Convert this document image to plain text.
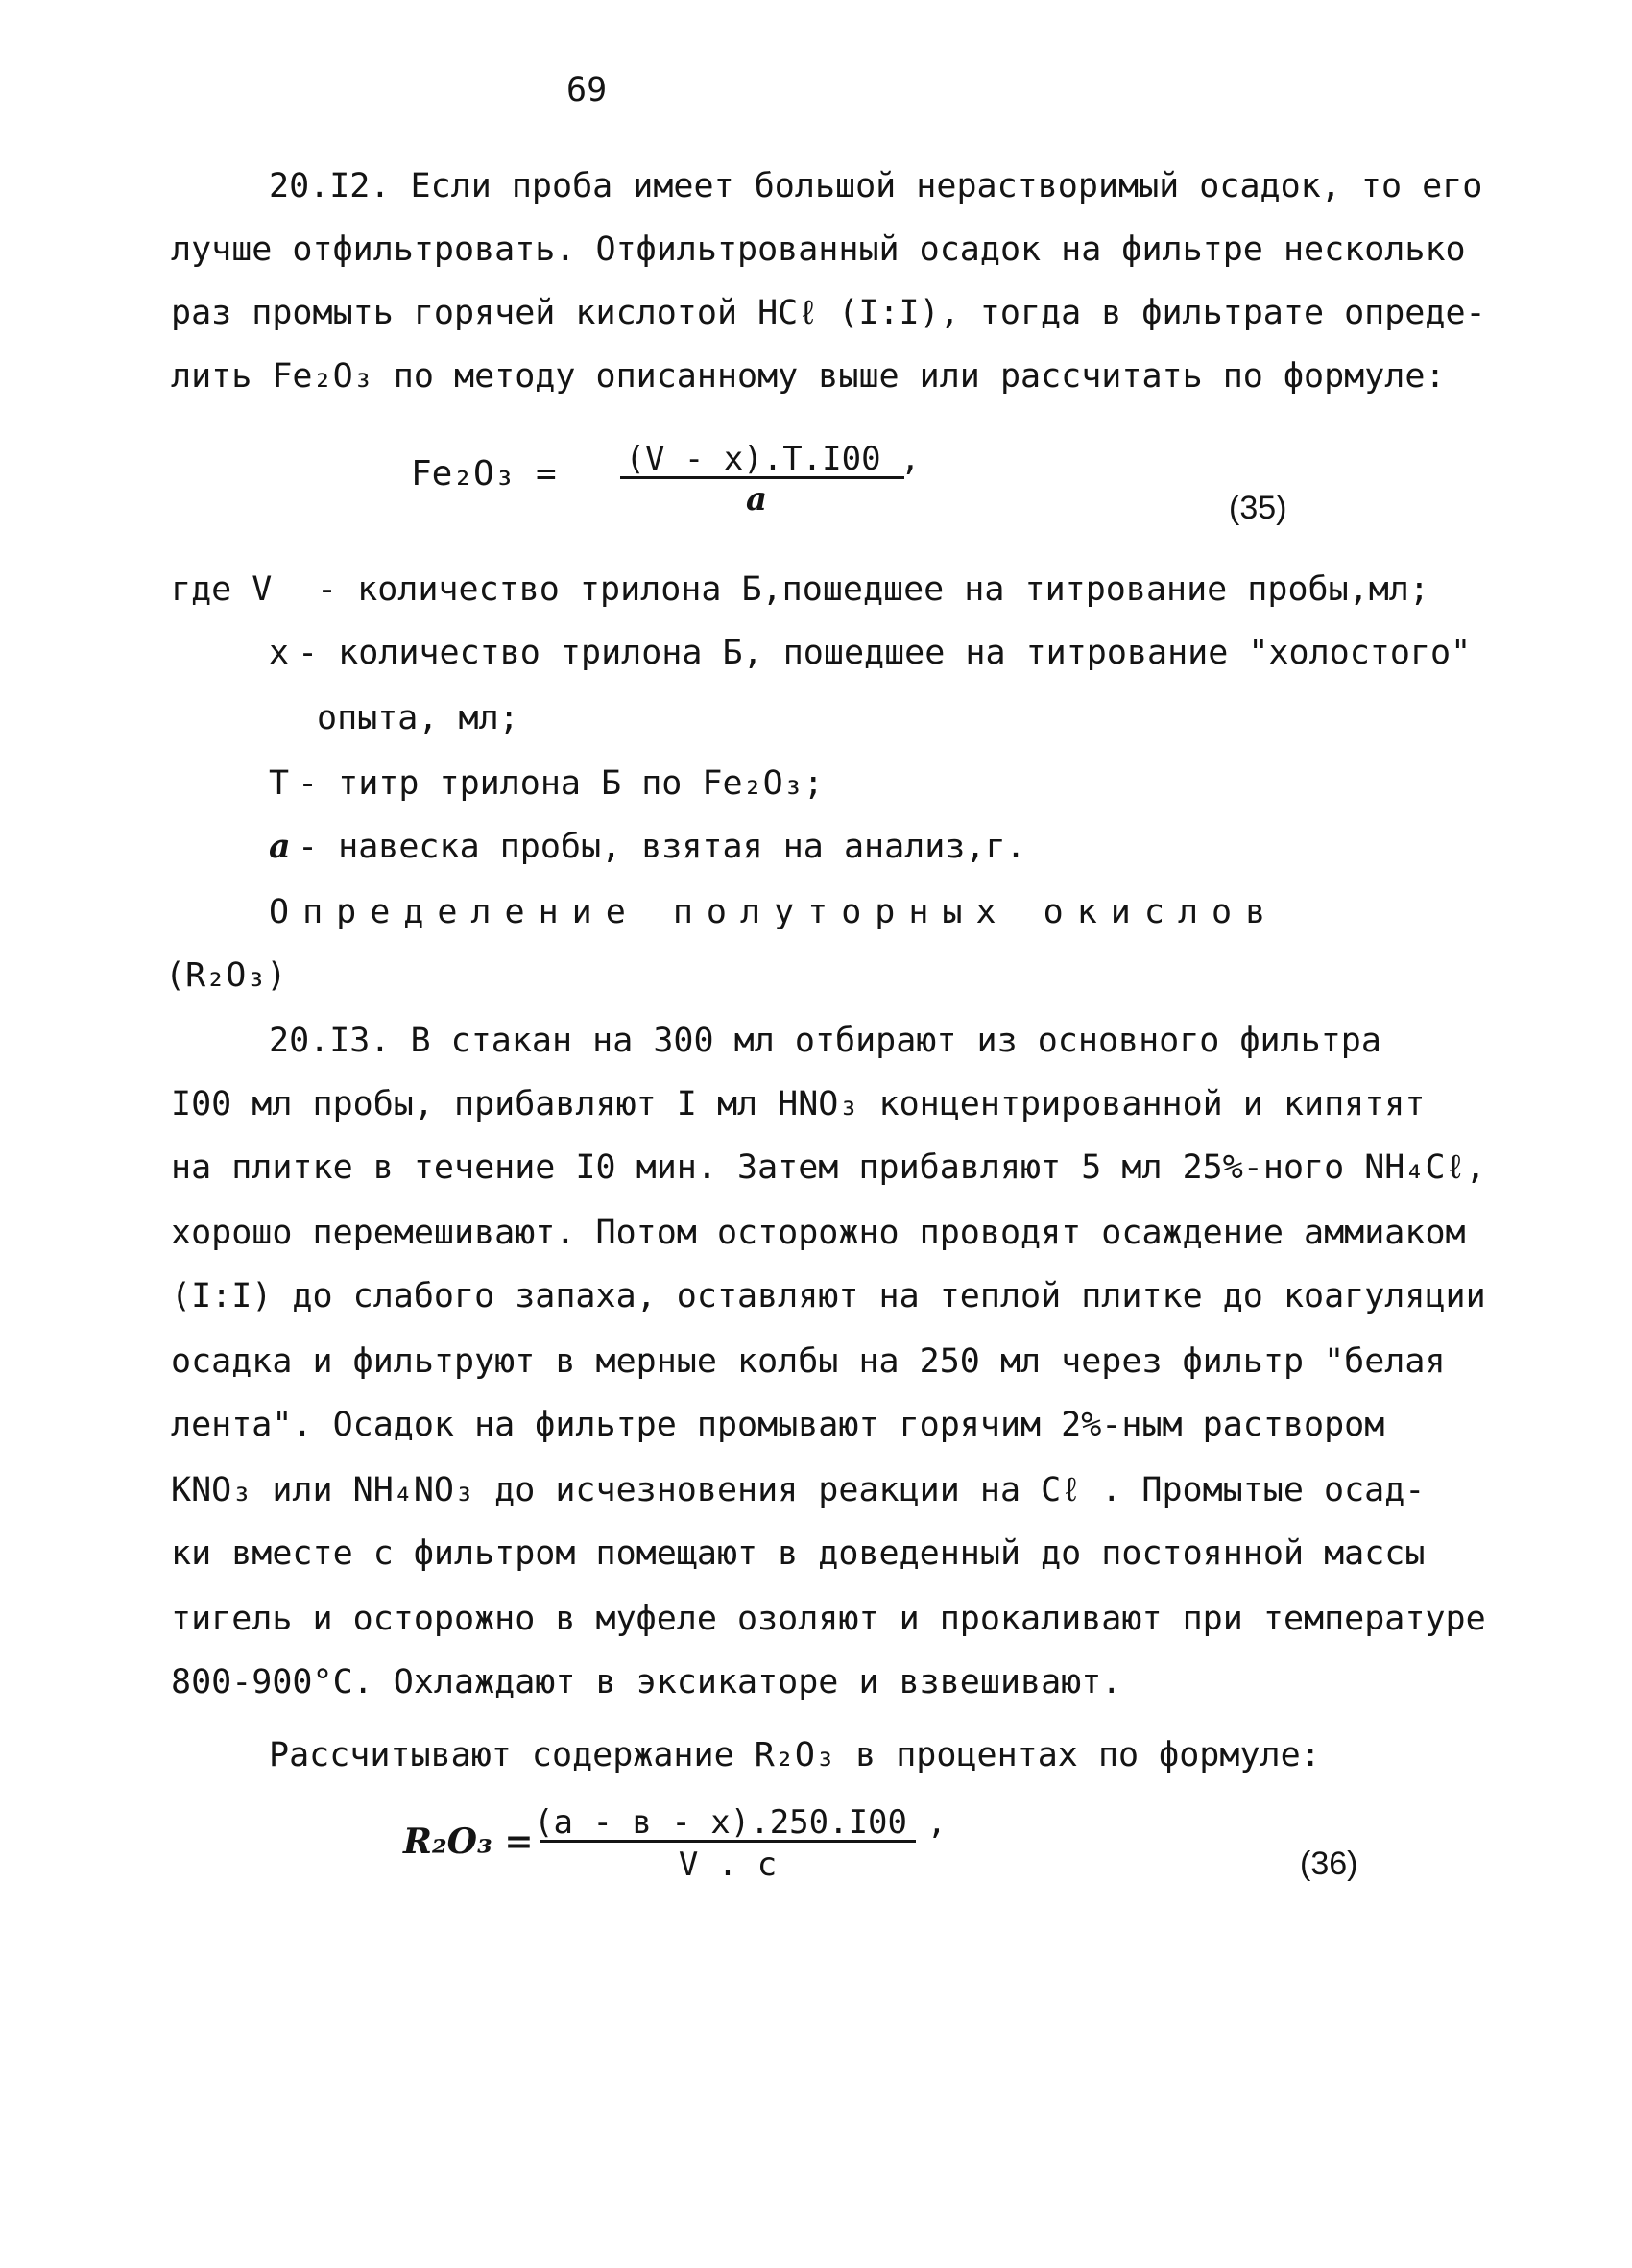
69
20.I2. Если проба имеет большой нерастворимый осадок, то его
лучше отфильтровать. Отфильтрованный осадок на фильтре несколько
раз промыть горячей кислотой HCℓ (I:I), тогда в фильтрате опреде-
лить Fe₂O₃ по методу описанному выше или рассчитать по формуле:
Fe₂O₃ =	(V - x).T.I00 ,
a	(35)
где V - количество трилона Б,пошедшее на титрование пробы,мл;
x - количество трилона Б, пошедшее на титрование "холостого"
опыта, мл;
T - титр трилона Б по Fe₂O₃;
a - навеска пробы, взятая на анализ,г.
Определение полуторных окислов
(R₂O₃)
20.I3. В стакан на 300 мл отбирают из основного фильтра
I00 мл пробы, прибавляют I мл HNO₃ концентрированной и кипятят
на плитке в течение I0 мин. Затем прибавляют 5 мл 25%-ного NH₄Cℓ,
хорошо перемешивают. Потом осторожно проводят осаждение аммиаком
(I:I) до слабого запаха, оставляют на теплой плитке до коагуляции
осадка и фильтруют в мерные колбы на 250 мл через фильтр "белая
лента". Осадок на фильтре промывают горячим 2%-ным раствором
KNO₃ или NH₄NO₃ до исчезновения реакции на Cℓ . Промытые осад-
ки вместе с фильтром помещают в доведенный до постоянной массы
тигель и осторожно в муфеле озоляют и прокаливают при температуре
800-900°C. Охлаждают в эксикаторе и взвешивают.
Рассчитывают содержание R₂O₃ в процентах по формуле:
R₂O₃ = (a - в - x).250.I00 ,
V . c	(36)
